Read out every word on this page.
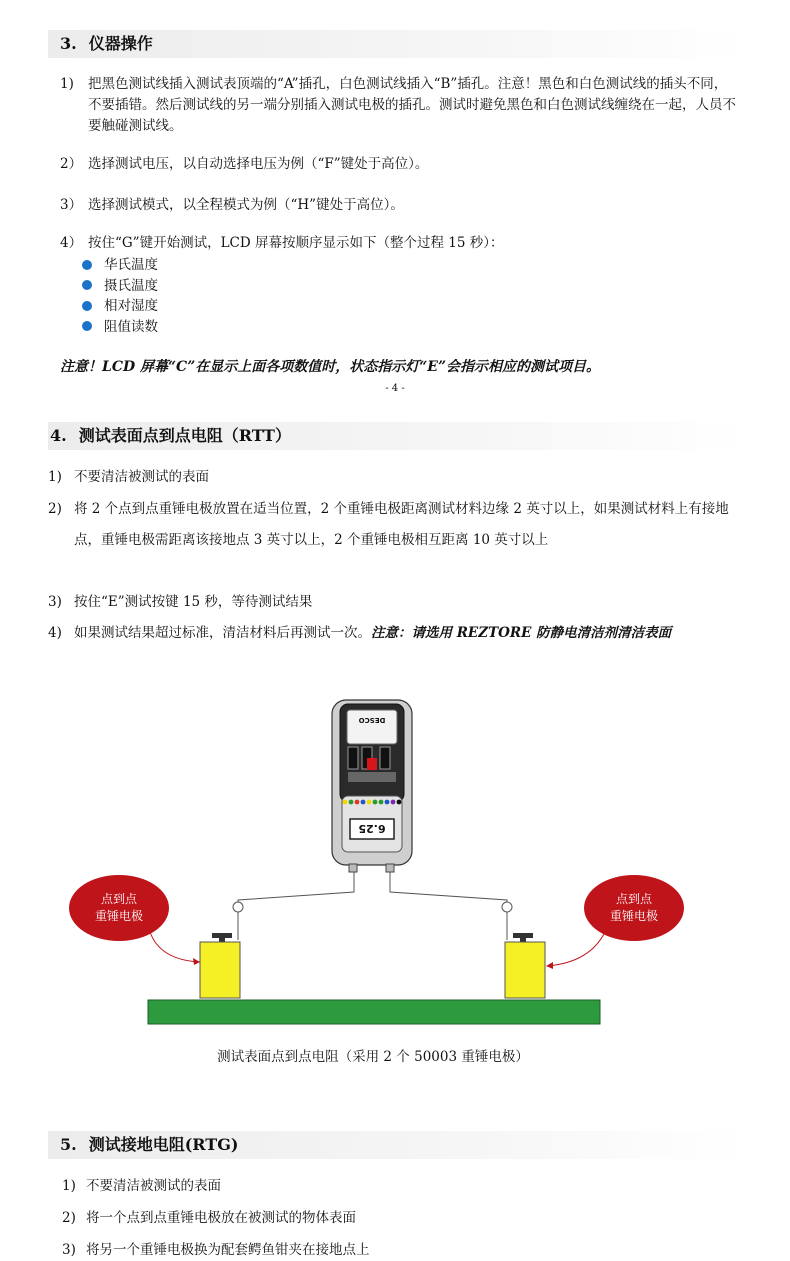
3. 仪器操作
1) 把黑色测试线插入测试表顶端的“A”插孔，白色测试线插入“B”插孔。注意！黑色和白色测试线的插头不同，不要插错。然后测试线的另一端分别插入测试电极的插孔。测试时避免黑色和白色测试线缠绕在一起，人员不要触碰测试线。
2） 选择测试电压，以自动选择电压为例（“F”键处于高位）。
3） 选择测试模式，以全程模式为例（“H”键处于高位）。
4） 按住“G”键开始测试，LCD 屏幕按顺序显示如下（整个过程 15 秒）：
华氏温度
摄氏温度
相对湿度
阻值读数
注意！LCD 屏幕“C”在显示上面各项数值时，状态指示灯“E”会指示相应的测试项目。
- 4 -
4. 测试表面点到点电阻（RTT）
1) 不要清洁被测试的表面
2) 将 2 个点到点重锤电极放置在适当位置，2 个重锤电极距离测试材料边缘 2 英寸以上，如果测试材料上有接地点，重锤电极需距离该接地点 3 英寸以上，2 个重锤电极相互距离 10 英寸以上
3) 按住“E”测试按键 15 秒，等待测试结果
4) 如果测试结果超过标准，清洁材料后再测试一次。注意：请选用 REZTORE 防静电清洁剂清洁表面
DESCO
6.25
点到点
重锤电极
点到点
重锤电极
测试表面点到点电阻（采用 2 个 50003 重锤电极）
5. 测试接地电阻(RTG)
1) 不要清洁被测试的表面
2) 将一个点到点重锤电极放在被测试的物体表面
3) 将另一个重锤电极换为配套鳄鱼钳夹在接地点上
